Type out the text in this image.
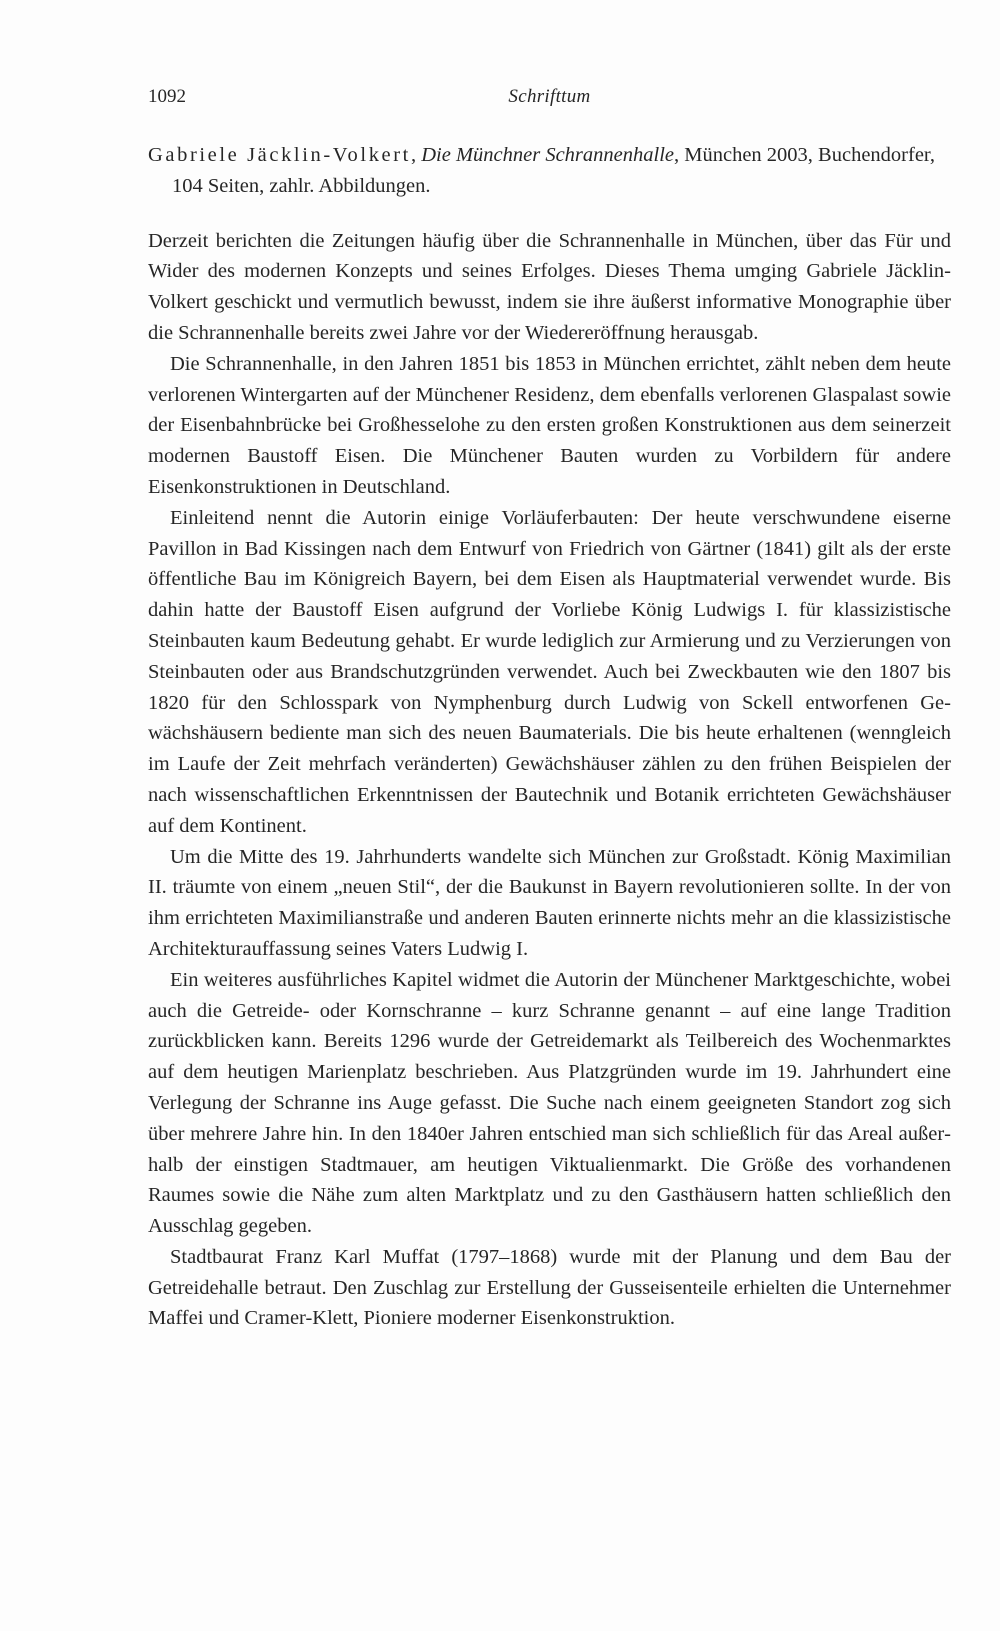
1092	Schrifttum

Gabriele Jäcklin-Volkert, Die Münchner Schrannenhalle, München 2003, Buchendorfer, 104 Seiten, zahlr. Abbildungen.

Derzeit berichten die Zeitungen häufig über die Schrannenhalle in München, über das Für und Wider des modernen Konzepts und seines Erfolges. Dieses Thema umging Gabriele Jäcklin-Volkert geschickt und vermutlich bewusst, indem sie ihre äußerst informative Monographie über die Schrannenhalle bereits zwei Jahre vor der Wiedereröffnung herausgab.

Die Schrannenhalle, in den Jahren 1851 bis 1853 in München errichtet, zählt neben dem heute verlorenen Wintergarten auf der Münchener Residenz, dem ebenfalls verlorenen Glaspalast sowie der Eisenbahnbrücke bei Großhesselohe zu den ersten großen Konstruktionen aus dem seinerzeit modernen Baustoff Eisen. Die Münchener Bauten wurden zu Vorbildern für andere Eisenkonstruktionen in Deutschland.

Einleitend nennt die Autorin einige Vorläuferbauten: Der heute verschwundene eiserne Pavillon in Bad Kissingen nach dem Entwurf von Friedrich von Gärtner (1841) gilt als der erste öffentliche Bau im Königreich Bayern, bei dem Eisen als Hauptmaterial verwendet wurde. Bis dahin hatte der Baustoff Eisen aufgrund der Vorliebe König Ludwigs I. für klassizistische Steinbauten kaum Bedeutung gehabt. Er wurde lediglich zur Armierung und zu Verzierungen von Steinbauten oder aus Brandschutzgründen verwendet. Auch bei Zweckbauten wie den 1807 bis 1820 für den Schlosspark von Nymphenburg durch Ludwig von Sckell entworfenen Gewächshäusern bediente man sich des neuen Baumaterials. Die bis heute erhaltenen (wenngleich im Laufe der Zeit mehrfach veränderten) Gewächshäuser zählen zu den frühen Beispielen der nach wissenschaftlichen Erkenntnissen der Bautechnik und Botanik errichteten Gewächshäuser auf dem Kontinent.

Um die Mitte des 19. Jahrhunderts wandelte sich München zur Großstadt. König Maximilian II. träumte von einem „neuen Stil“, der die Baukunst in Bayern revolutionieren sollte. In der von ihm errichteten Maximilianstraße und anderen Bauten erinnerte nichts mehr an die klassizistische Architekturauffassung seines Vaters Ludwig I.

Ein weiteres ausführliches Kapitel widmet die Autorin der Münchener Marktgeschichte, wobei auch die Getreide- oder Kornschranne – kurz Schranne genannt – auf eine lange Tradition zurückblicken kann. Bereits 1296 wurde der Getreidemarkt als Teilbereich des Wochenmarktes auf dem heutigen Marienplatz beschrieben. Aus Platzgründen wurde im 19. Jahrhundert eine Verlegung der Schranne ins Auge gefasst. Die Suche nach einem geeigneten Standort zog sich über mehrere Jahre hin. In den 1840er Jahren entschied man sich schließlich für das Areal außerhalb der einstigen Stadtmauer, am heutigen Viktualienmarkt. Die Größe des vorhandenen Raumes sowie die Nähe zum alten Marktplatz und zu den Gasthäusern hatten schließlich den Ausschlag gegeben.

Stadtbaurat Franz Karl Muffat (1797–1868) wurde mit der Planung und dem Bau der Getreidehalle betraut. Den Zuschlag zur Erstellung der Gusseisenteile erhielten die Unternehmer Maffei und Cramer-Klett, Pioniere moderner Eisenkonstruktion.
